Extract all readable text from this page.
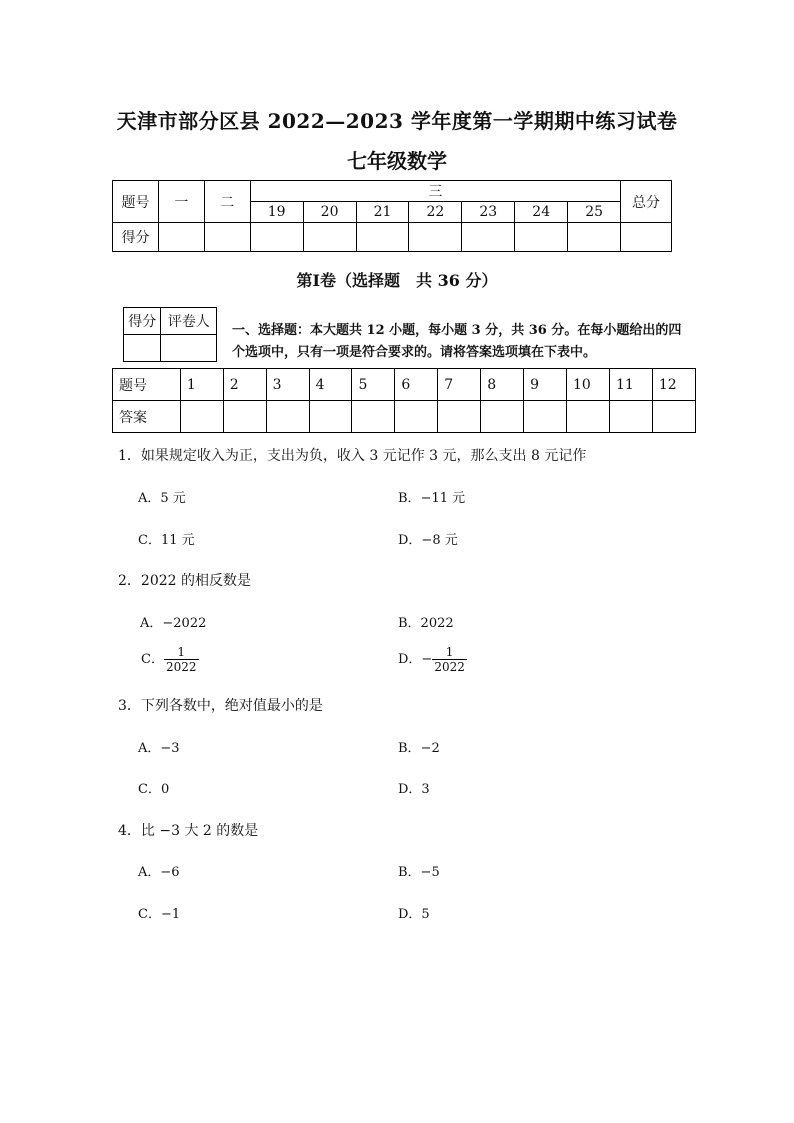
天津市部分区县 2022—2023 学年度第一学期期中练习试卷
七年级数学
题号	一	二	三							总分
			19	20	21	22	23	24	25	
得分										
第Ⅰ卷（选择题　共 36 分）
得分	评卷人

一、选择题：本大题共 12 小题，每小题 3 分，共 36 分。在每小题给出的四个选项中，只有一项是符合要求的。请将答案选项填在下表中。
题号	1	2	3	4	5	6	7	8	9	10	11	12
答案												
1．如果规定收入为正，支出为负，收入 3 元记作 3 元，那么支出 8 元记作
A．5 元	B．−11 元
C．11 元	D．−8 元
2．2022 的相反数是
A．−2022	B．2022
C． $\frac{1}{2022}$	D．− $\frac{1}{2022}$
3．下列各数中，绝对值最小的是
A．−3	B．−2
C．0	D．3
4．比 −3 大 2 的数是
A．−6	B．−5
C．−1	D．5
